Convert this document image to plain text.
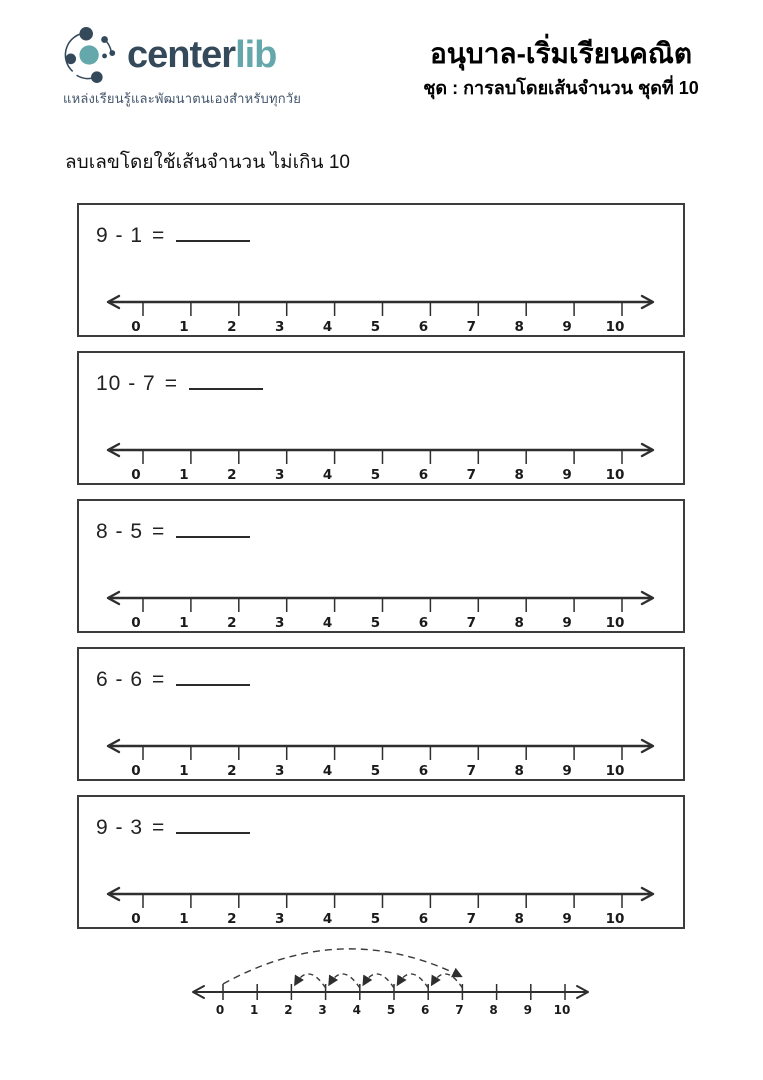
centerlib
แหล่งเรียนรู้และพัฒนาตนเองสำหรับทุกวัย
อนุบาล-เริ่มเรียนคณิต
ชุด : การลบโดยเส้นจำนวน ชุดที่ 10
ลบเลขโดยใช้เส้นจำนวน ไม่เกิน 10
9 - 1 =
0	1	2	3	4	5	6	7	8	9	10
10 - 7 =
0	1	2	3	4	5	6	7	8	9	10
8 - 5 =
0	1	2	3	4	5	6	7	8	9	10
6 - 6 =
0	1	2	3	4	5	6	7	8	9	10
9 - 3 =
0	1	2	3	4	5	6	7	8	9	10
0 1 2 3 4 5 6 7 8 9 10
